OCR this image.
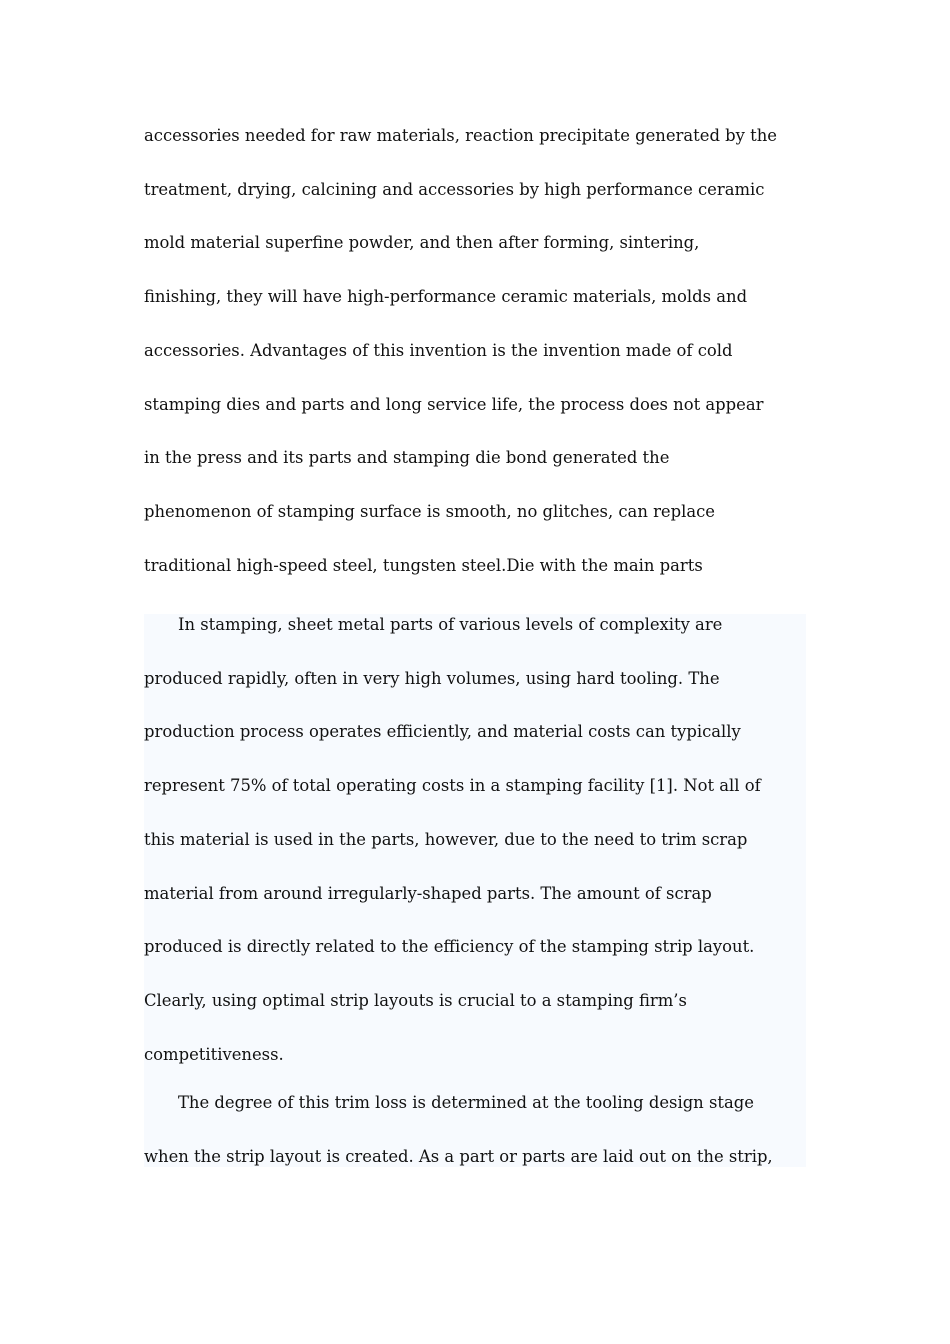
accessories needed for raw materials, reaction precipitate generated by the
treatment, drying, calcining and accessories by high performance ceramic
mold material superfine powder, and then after forming, sintering,
finishing, they will have high-performance ceramic materials, molds and
accessories. Advantages of this invention is the invention made of cold
stamping dies and parts and long service life, the process does not appear
in the press and its parts and stamping die bond generated the
phenomenon of stamping surface is smooth, no glitches, can replace
traditional high-speed steel, tungsten steel.Die with the main parts

In stamping, sheet metal parts of various levels of complexity are
produced rapidly, often in very high volumes, using hard tooling. The
production process operates efficiently, and material costs can typically
represent 75% of total operating costs in a stamping facility [1]. Not all of
this material is used in the parts, however, due to the need to trim scrap
material from around irregularly-shaped parts. The amount of scrap
produced is directly related to the efficiency of the stamping strip layout.
Clearly, using optimal strip layouts is crucial to a stamping firm’s
competitiveness.

The degree of this trim loss is determined at the tooling design stage
when the strip layout is created. As a part or parts are laid out on the strip,
